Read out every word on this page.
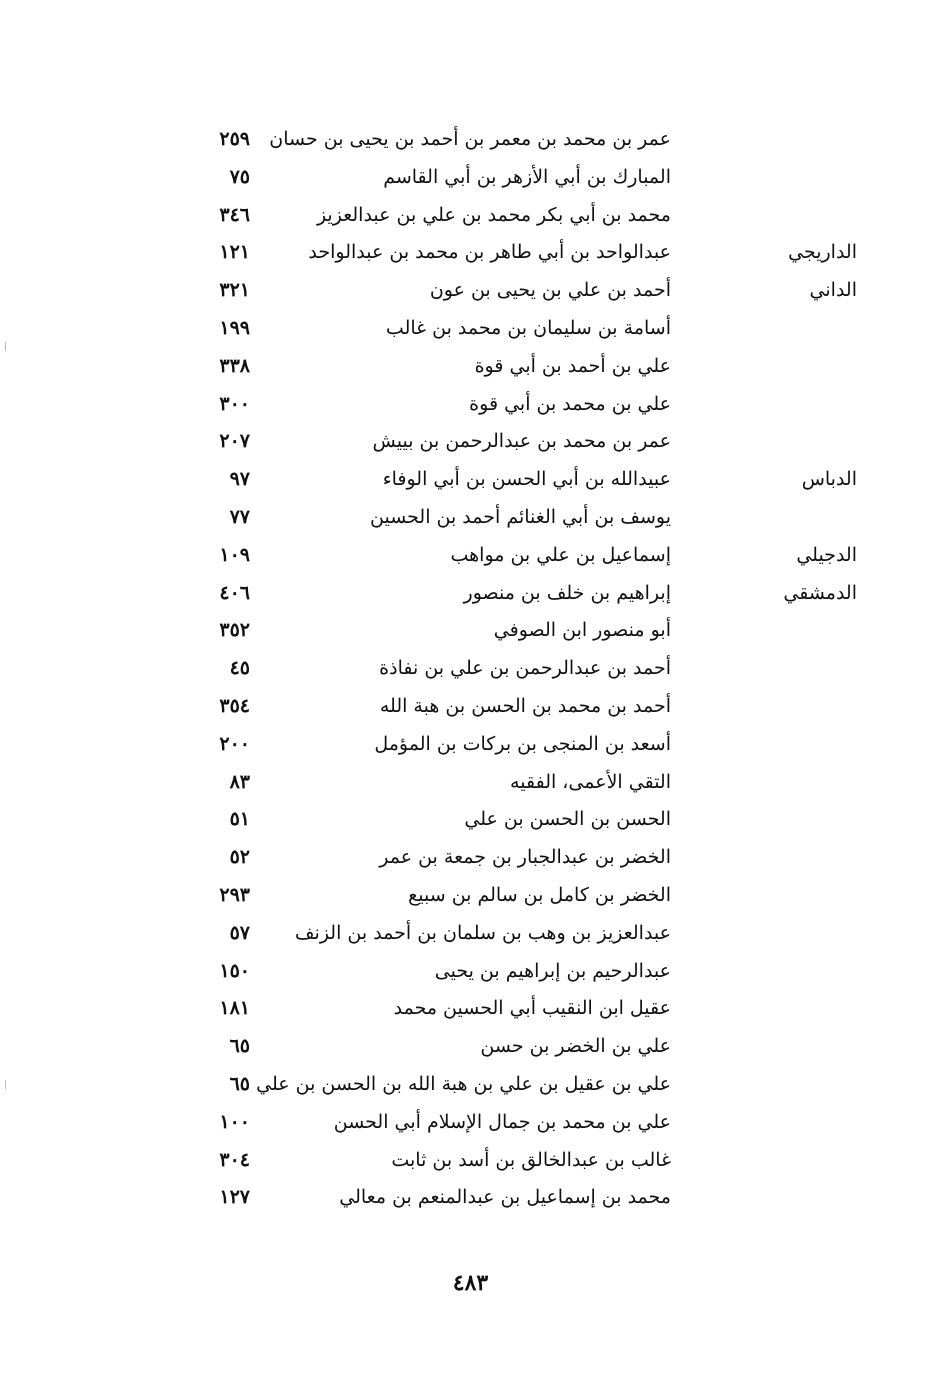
عمر بن محمد بن معمر بن أحمد بن يحيى بن حسان
٢٥٩
المبارك بن أبي الأزهر بن أبي القاسم
٧٥
محمد بن أبي بكر محمد بن علي بن عبدالعزيز
٣٤٦
الداريجي
عبدالواحد بن أبي طاهر بن محمد بن عبدالواحد
١٢١
الداني
أحمد بن علي بن يحيى بن عون
٣٢١
أسامة بن سليمان بن محمد بن غالب
١٩٩
علي بن أحمد بن أبي قوة
٣٣٨
علي بن محمد بن أبي قوة
٣٠٠
عمر بن محمد بن عبدالرحمن بن بييش
٢٠٧
الدباس
عبيدالله بن أبي الحسن بن أبي الوفاء
٩٧
يوسف بن أبي الغنائم أحمد بن الحسين
٧٧
الدجيلي
إسماعيل بن علي بن مواهب
١٠٩
الدمشقي
إبراهيم بن خلف بن منصور
٤٠٦
أبو منصور ابن الصوفي
٣٥٢
أحمد بن عبدالرحمن بن علي بن نفاذة
٤٥
أحمد بن محمد بن الحسن بن هبة الله
٣٥٤
أسعد بن المنجى بن بركات بن المؤمل
٢٠٠
التقي الأعمى، الفقيه
٨٣
الحسن بن الحسن بن علي
٥١
الخضر بن عبدالجبار بن جمعة بن عمر
٥٢
الخضر بن كامل بن سالم بن سبيع
٢٩٣
عبدالعزيز بن وهب بن سلمان بن أحمد بن الزنف
٥٧
عبدالرحيم بن إبراهيم بن يحيى
١٥٠
عقيل ابن النقيب أبي الحسين محمد
١٨١
علي بن الخضر بن حسن
٦٥
علي بن عقيل بن علي بن هبة الله بن الحسن بن علي
٦٥
علي بن محمد بن جمال الإسلام أبي الحسن
١٠٠
غالب بن عبدالخالق بن أسد بن ثابت
٣٠٤
محمد بن إسماعيل بن عبدالمنعم بن معالي
١٢٧
٤٨٣
